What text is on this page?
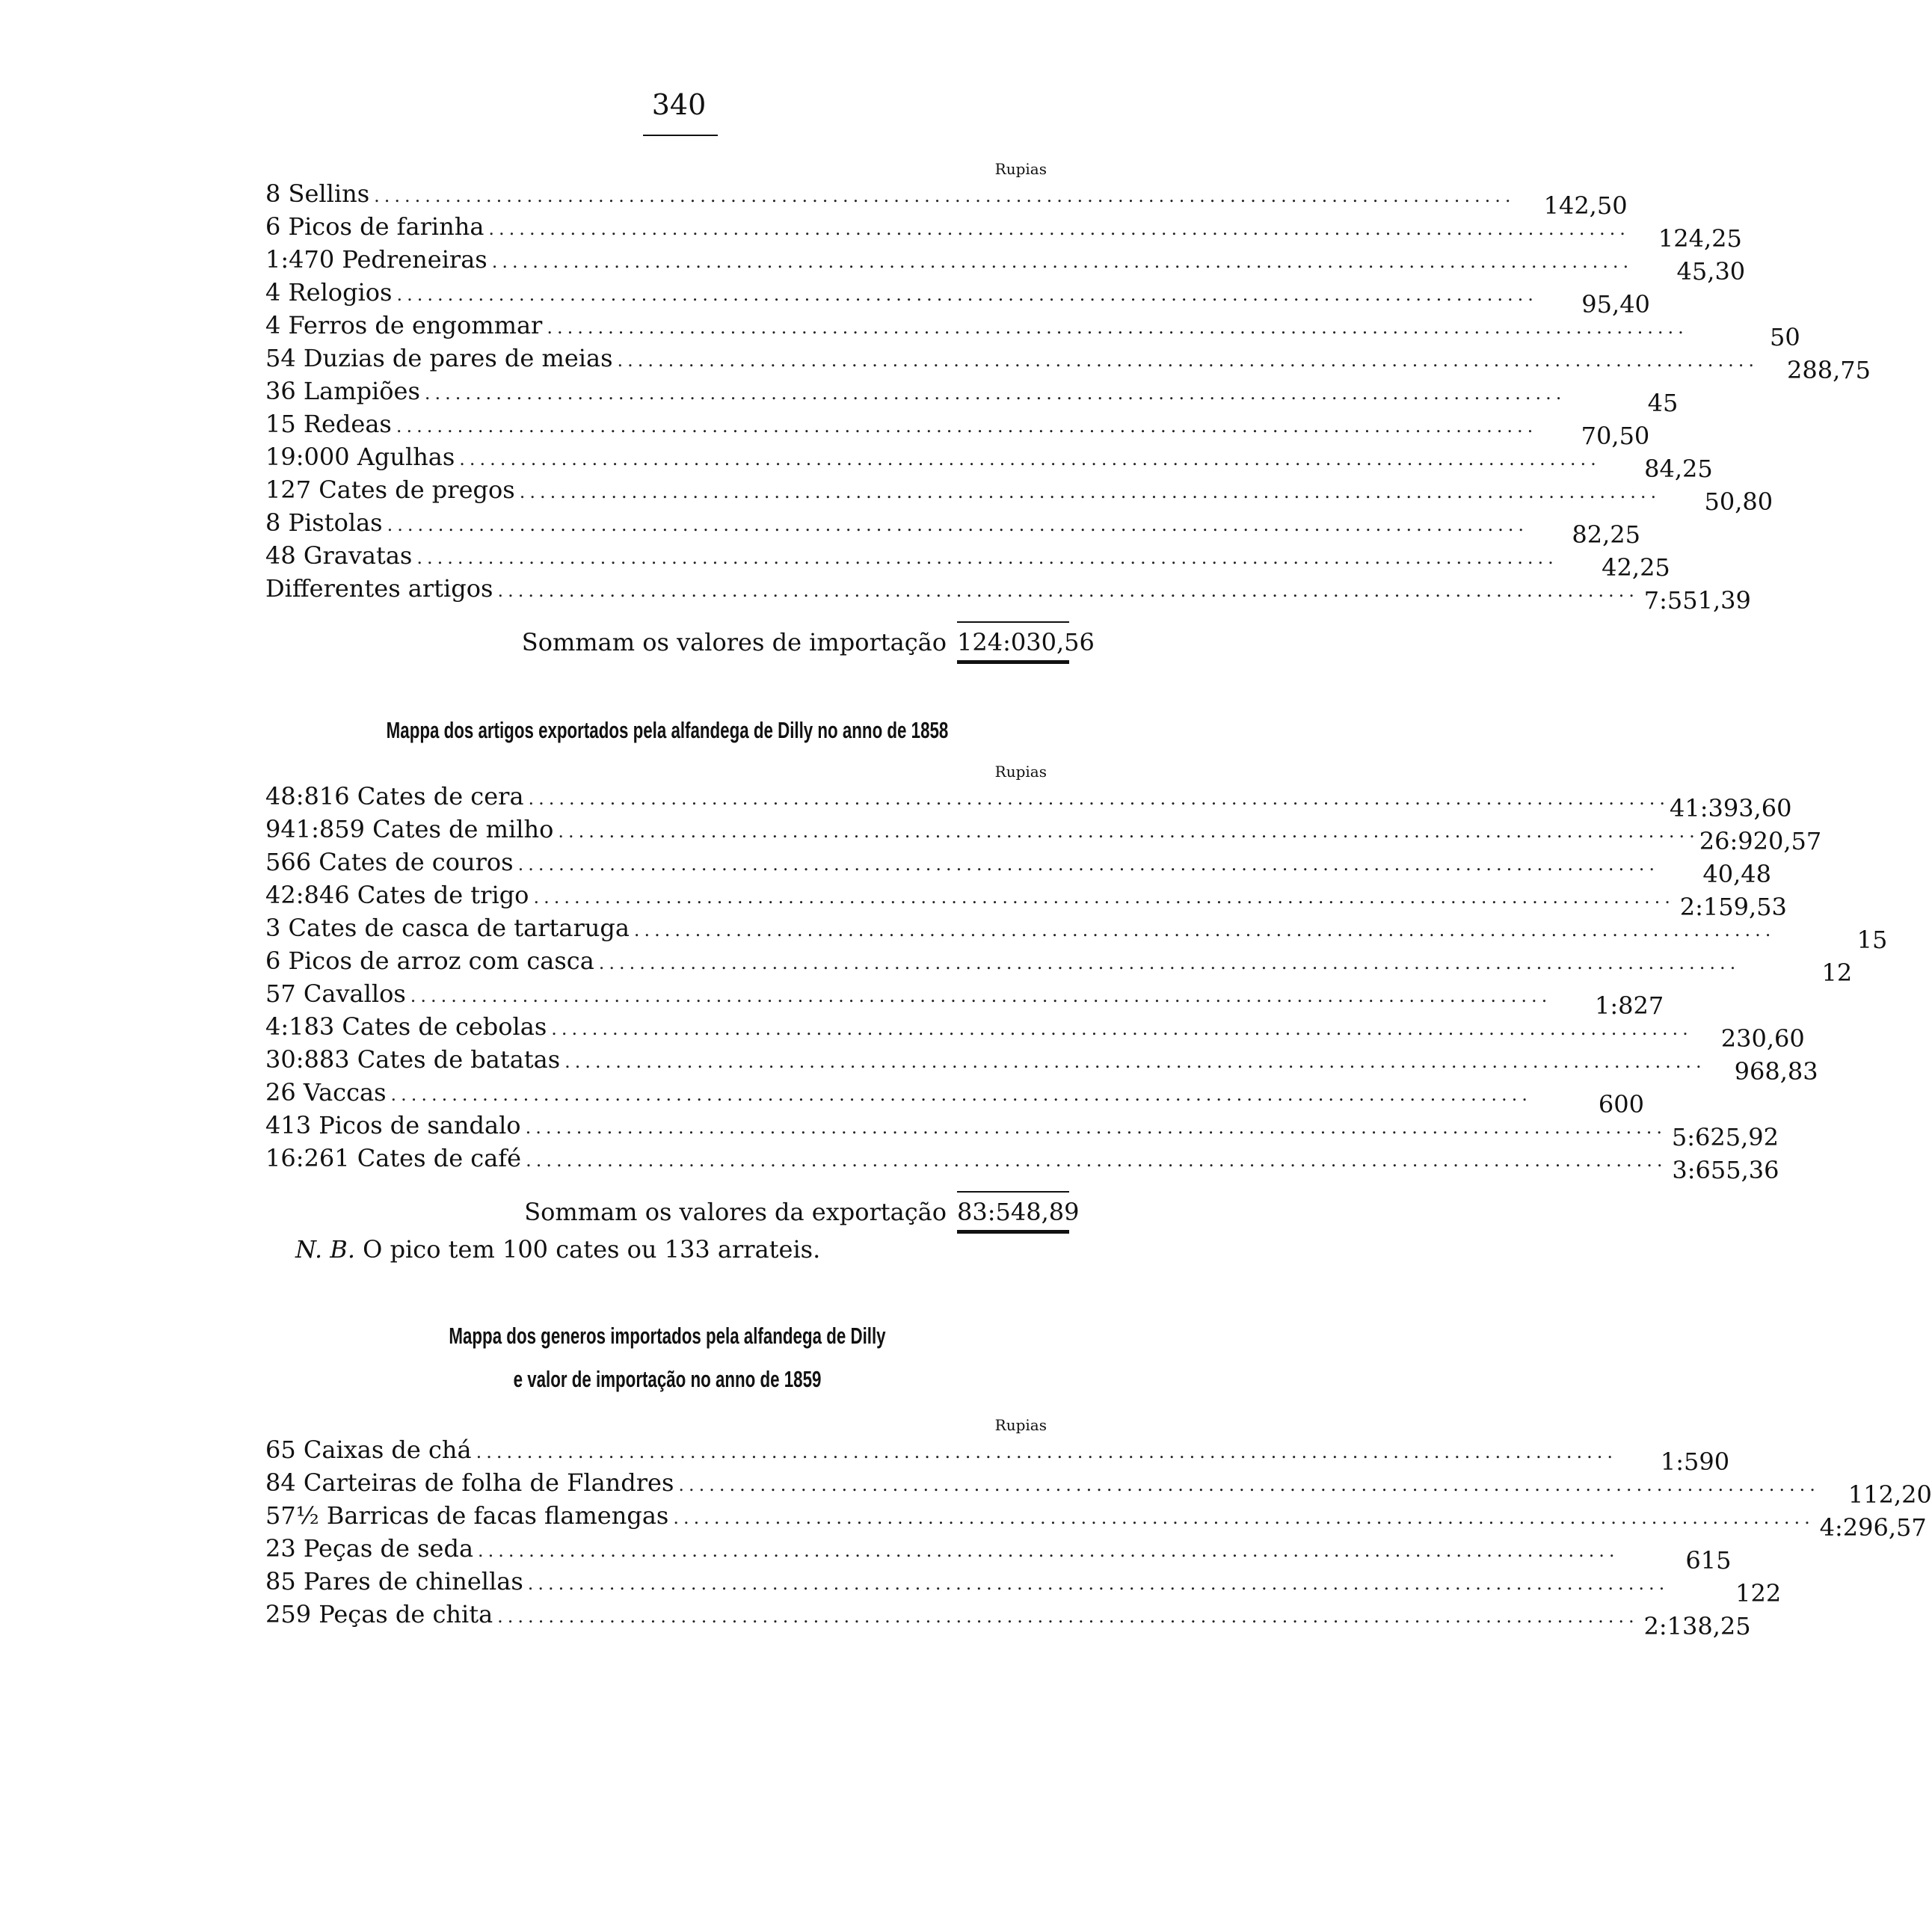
340
Rupias
8 Sellins ................................................................................................................	142,50
6 Picos de farinha ................................................................................................................	124,25
1:470 Pedreneiras ................................................................................................................	45,30
4 Relogios ................................................................................................................	95,40
4 Ferros de engommar ................................................................................................................	50
54 Duzias de pares de meias ................................................................................................................	288,75
36 Lampiões ................................................................................................................	45
15 Redeas ................................................................................................................	70,50
19:000 Agulhas ................................................................................................................	84,25
127 Cates de pregos ................................................................................................................	50,80
8 Pistolas ................................................................................................................	82,25
48 Gravatas ................................................................................................................	42,25
Differentes artigos ................................................................................................................ 7:551,39
Sommam os valores de importação 124:030,56
Mappa dos artigos exportados pela alfandega de Dilly no anno de 1858
Rupias
48:816 Cates de cera ................................................................................................................ 41:393,60
941:859 Cates de milho ................................................................................................................ 26:920,57
566 Cates de couros ................................................................................................................	40,48
42:846 Cates de trigo ................................................................................................................ 2:159,53
3 Cates de casca de tartaruga ................................................................................................................	15
6 Picos de arroz com casca ................................................................................................................	12
57 Cavallos ................................................................................................................	1:827
4:183 Cates de cebolas ................................................................................................................	230,60
30:883 Cates de batatas ................................................................................................................	968,83
26 Vaccas ................................................................................................................	600
413 Picos de sandalo ................................................................................................................ 5:625,92
16:261 Cates de café ................................................................................................................ 3:655,36
Sommam os valores da exportação 83:548,89
N. B. O pico tem 100 cates ou 133 arrateis.
Mappa dos generos importados pela alfandega de Dilly
e valor de importação no anno de 1859
Rupias
65 Caixas de chá ................................................................................................................	1:590
84 Carteiras de folha de Flandres ................................................................................................................	112,20
57½ Barricas de facas flamengas ................................................................................................................ 4:296,57
23 Peças de seda ................................................................................................................	615
85 Pares de chinellas ................................................................................................................	122
259 Peças de chita ................................................................................................................ 2:138,25
